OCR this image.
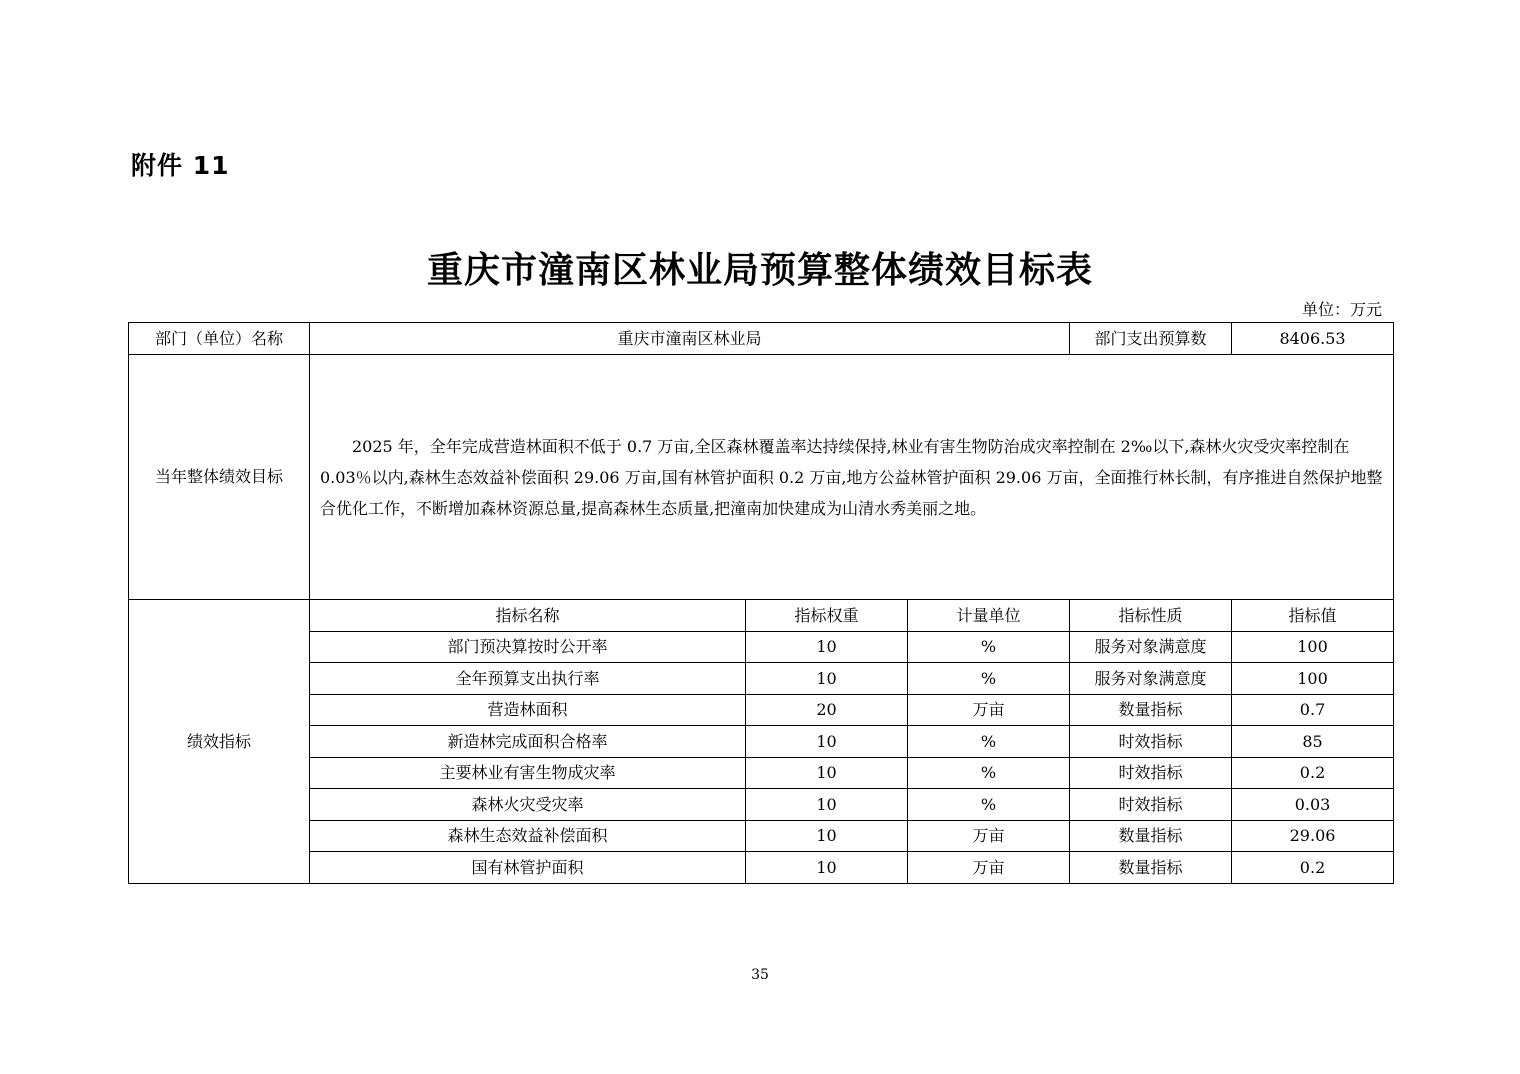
附件 11
重庆市潼南区林业局预算整体绩效目标表
单位：万元
部门（单位）名称	重庆市潼南区林业局			部门支出预算数	8406.53
当年整体绩效目标	2025 年，全年完成营造林面积不低于 0.7 万亩,全区森林覆盖率达持续保持,林业有害生物防治成灾率控制在 2‰以下,森林火灾受灾率控制在 0.03％以内,森林生态效益补偿面积 29.06 万亩,国有林管护面积 0.2 万亩,地方公益林管护面积 29.06 万亩，全面推行林长制，有序推进自然保护地整合优化工作，不断增加森林资源总量,提高森林生态质量,把潼南加快建成为山清水秀美丽之地。				

绩效指标	指标名称	指标权重	计量单位	指标性质	指标值
	部门预决算按时公开率	10	%	服务对象满意度	100
	全年预算支出执行率	10	%	服务对象满意度	100
	营造林面积	20	万亩	数量指标	0.7
	新造林完成面积合格率	10	%	时效指标	85
	主要林业有害生物成灾率	10	%	时效指标	0.2
	森林火灾受灾率	10	%	时效指标	0.03
	森林生态效益补偿面积	10	万亩	数量指标	29.06
	国有林管护面积	10	万亩	数量指标	0.2
35
